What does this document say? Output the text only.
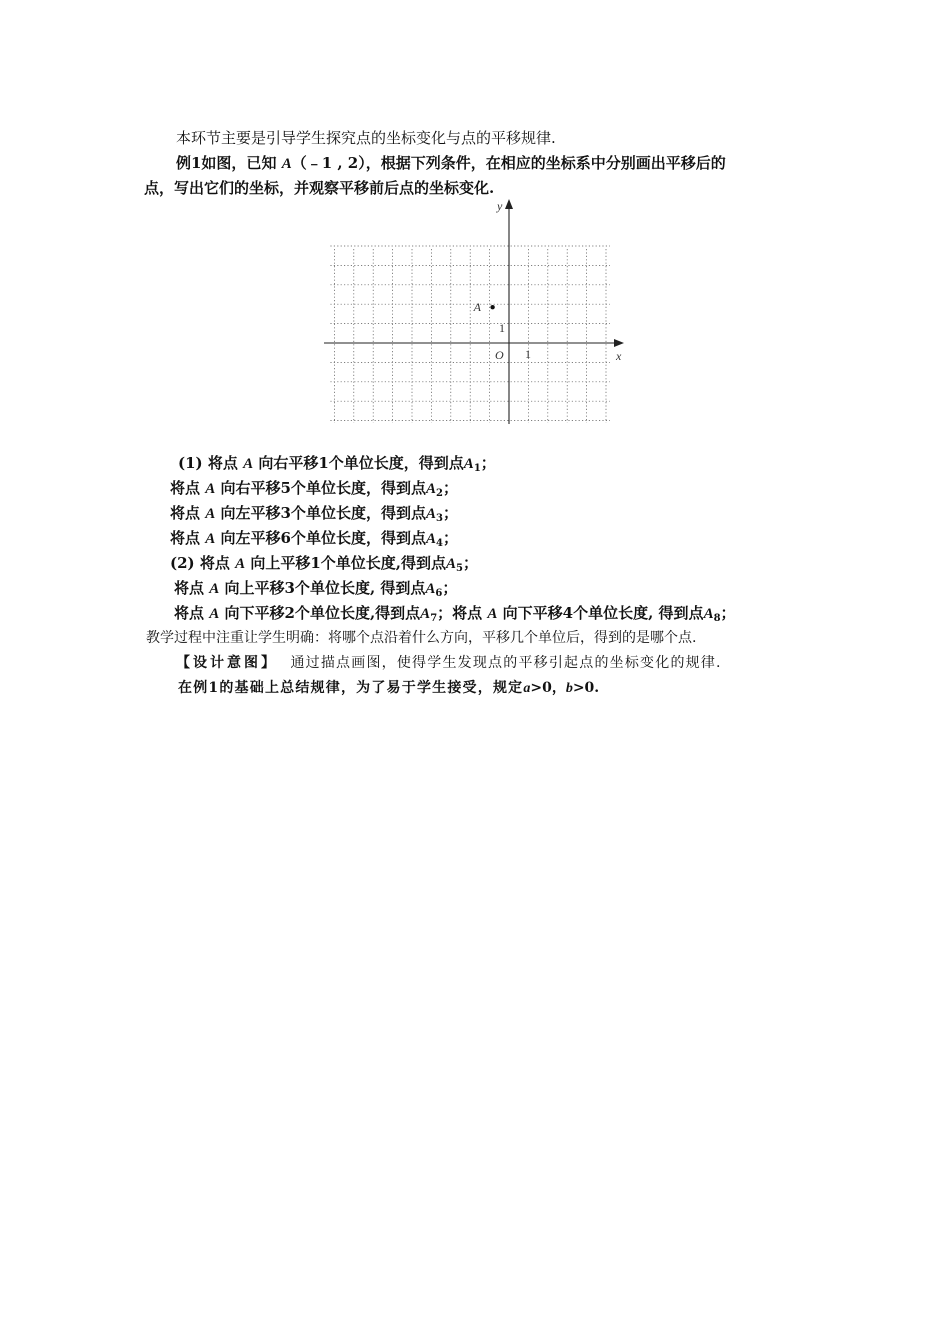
本环节主要是引导学生探究点的坐标变化与点的平移规律.
例1如图，已知 A（﹣1 , 2），根据下列条件，在相应的坐标系中分别画出平移后的
点，写出它们的坐标，并观察平移前后点的坐标变化.
y
x
O 1
1
A
(1) 将点 A 向右平移1个单位长度，得到点$A_1$；
将点 A 向右平移5个单位长度，得到点$A_2$；
将点 A 向左平移3个单位长度，得到点$A_3$；
将点 A 向左平移6个单位长度，得到点$A_4$；
(2) 将点 A 向上平移1个单位长度,得到点$A_5$；
将点 A 向上平移3个单位长度, 得到点$A_6$；
将点 A 向下平移2个单位长度,得到点$A_7$；将点 A 向下平移4个单位长度, 得到点$A_8$；
教学过程中注重让学生明确：将哪个点沿着什么方向，平移几个单位后，得到的是哪个点.
【设计意图】 通过描点画图，使得学生发现点的平移引起点的坐标变化的规律.
在例1的基础上总结规律，为了易于学生接受，规定a>0，b>0.
